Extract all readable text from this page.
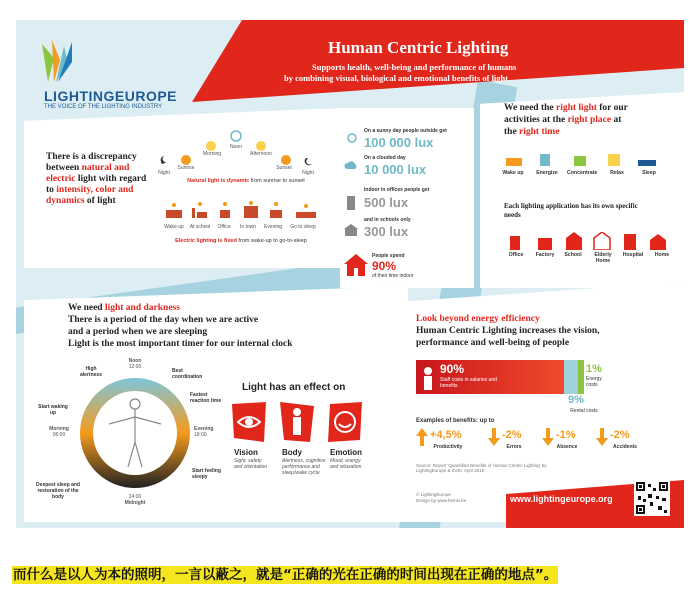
LIGHTINGEUROPE
THE VOICE OF THE LIGHTING INDUSTRY
Human Centric Lighting
Supports health, well-being and performance of humans
by combining visual, biological and emotional benefits of light
There is a discrepancy between natural and electric light with regard to intensity, color and dynamics of light
Night
Sunrise
Morning
Noon
Afternoon
Sunset
Night
Natural light is dynamic from sunrise to sunset
Wake-up	At school	Office	In town	Evening	Go to sleep
Electric lighting is fixed from wake-up to go-to-sleep
On a sunny day people outside get
100 000 lux
On a clouded day
10 000 lux
Indoor in offices people get
500 lux
and in schools only
300 lux
People spend
90%
of their time indoor
We need the right light for our
activities at the right place at
the right time
Wake up	Energize	Concentrate	Relax	Sleep
Each lighting application has its own specific needs
Office	Factory	School	Elderly Home
Hospital	Home
We need light and darkness
There is a period of the day when we are active
and a period when we are sleeping
Light is the most important timer for our internal clock
Noon
12:00
Best coordination
Fastest reaction time
Evening
18:00
Start feeling sleepy
24:00
Midnight
Deepest sleep and restoration of the body
Morning
06:00
Start waking up
High alertness
Light has an effect on
Vision
Sight, safety and orientation
Body
Alertness, cognitive performance and sleep/wake cycle
Emotion
Mood, energy and relaxation
Look beyond energy efficiency
Human Centric Lighting increases the vision,
performance and well-being of people
90%
Staff costs in salaries and benefits
1%
Energy costs
9%
Rental costs
Examples of benefits: up to
+4,5%
Productivity
-2%
Errors
-1%
Absence
-2%
Accidents
Source: Report 'Quantified Benefits of Human Centric Lighting' by LightingEurope & ZVEI, April 2015
© LightingEurope
Design by www.hemix.be	www.lightingeurope.org
而什么是以人为本的照明，一言以蔽之，就是“正确的光在正确的时间出现在正确的地点”。
